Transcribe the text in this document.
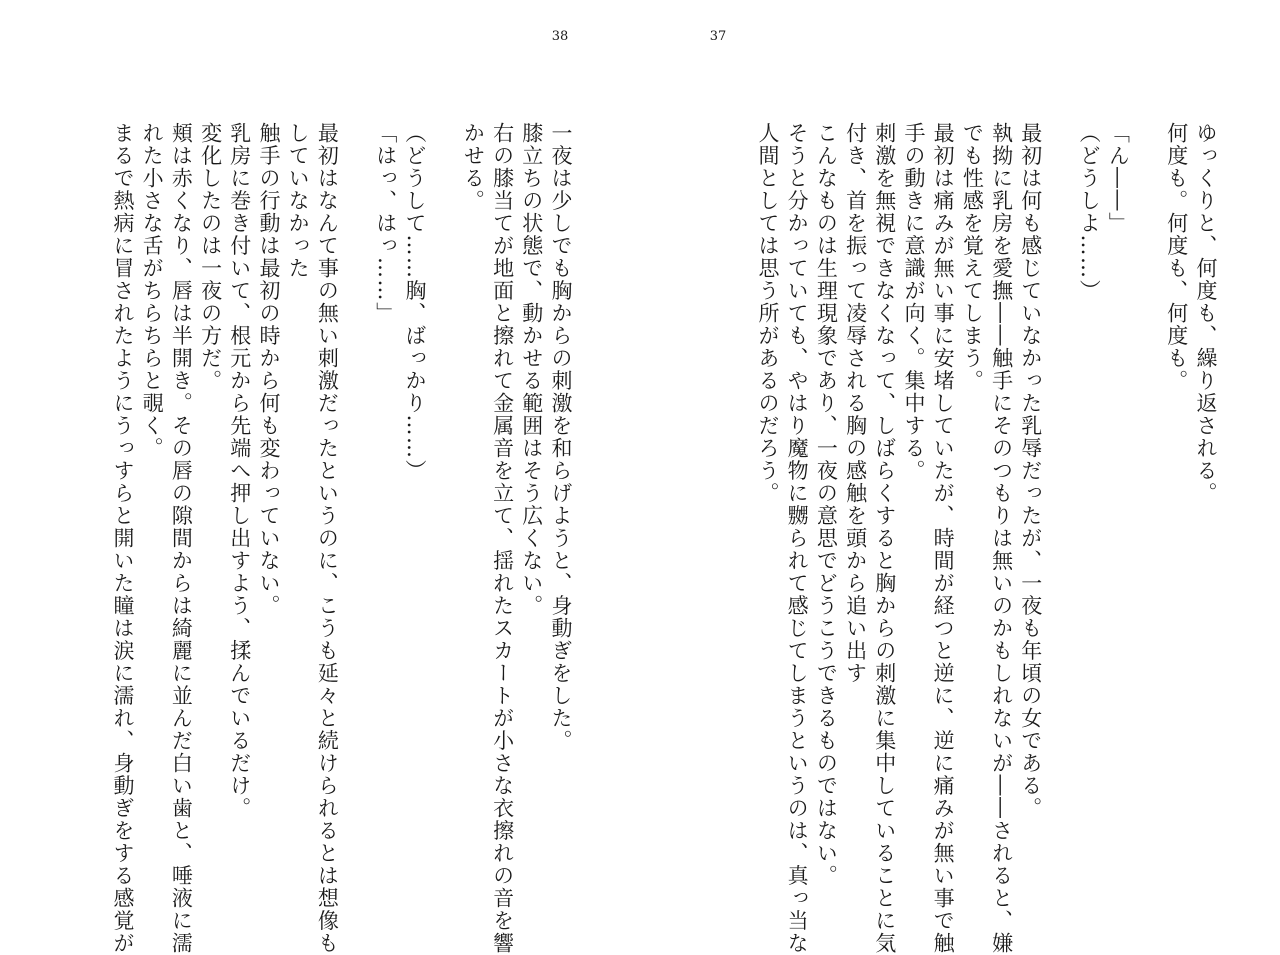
38	37
ゆっくりと、何度も、繰り返される。
何度も。何度も、何度も。

「ん――」
（どうしよ……）

最初は何も感じていなかった乳辱だったが、一夜も年頃の女である。
執拗に乳房を愛撫――触手にそのつもりは無いのかもしれないが――されると、嫌
でも性感を覚えてしまう。
最初は痛みが無い事に安堵していたが、時間が経つと逆に、逆に痛みが無い事で触
手の動きに意識が向く。集中する。
刺激を無視できなくなって、しばらくすると胸からの刺激に集中していることに気
付き、首を振って凌辱される胸の感触を頭から追い出す
こんなものは生理現象であり、一夜の意思でどうこうできるものではない。
そうと分かっていても、やはり魔物に嬲られて感じてしまうというのは、真っ当な
人間としては思う所があるのだろう。
一夜は少しでも胸からの刺激を和らげようと、身動ぎをした。
膝立ちの状態で、動かせる範囲はそう広くない。
右の膝当てが地面と擦れて金属音を立て、揺れたスカートが小さな衣擦れの音を響
かせる。

（どうして……胸、ばっかり……）
「はっ、はっ……」

最初はなんて事の無い刺激だったというのに、こうも延々と続けられるとは想像も
していなかった
触手の行動は最初の時から何も変わっていない。
乳房に巻き付いて、根元から先端へ押し出すよう、揉んでいるだけ。
変化したのは一夜の方だ。
頬は赤くなり、唇は半開き。その唇の隙間からは綺麗に並んだ白い歯と、唾液に濡
れた小さな舌がちらちらと覗く。
まるで熱病に冒されたようにうっすらと開いた瞳は涙に濡れ、身動ぎをする感覚が
